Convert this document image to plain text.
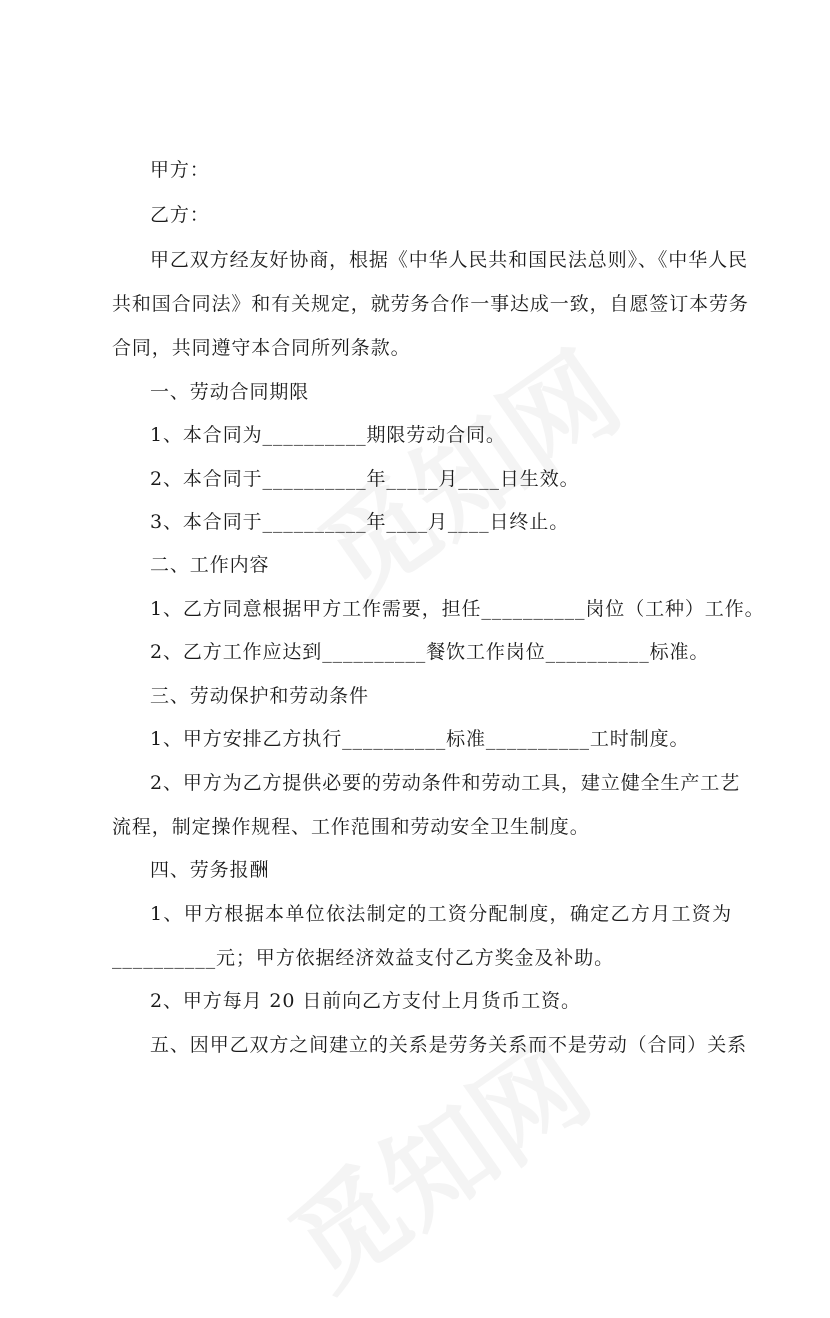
甲方：
乙方：
甲乙双方经友好协商，根据《中华人民共和国民法总则》、《中华人民
共和国合同法》和有关规定，就劳务合作一事达成一致，自愿签订本劳务
合同，共同遵守本合同所列条款。
一、劳动合同期限
1、本合同为__________期限劳动合同。
2、本合同于__________年_____月____日生效。
3、本合同于__________年____月____日终止。
二、工作内容
1、乙方同意根据甲方工作需要，担任__________岗位（工种）工作。
2、乙方工作应达到__________餐饮工作岗位__________标准。
三、劳动保护和劳动条件
1、甲方安排乙方执行__________标准__________工时制度。
2、甲方为乙方提供必要的劳动条件和劳动工具，建立健全生产工艺
流程，制定操作规程、工作范围和劳动安全卫生制度。
四、劳务报酬
1、甲方根据本单位依法制定的工资分配制度，确定乙方月工资为
__________元；甲方依据经济效益支付乙方奖金及补助。
2、甲方每月 20 日前向乙方支付上月货币工资。
五、因甲乙双方之间建立的关系是劳务关系而不是劳动（合同）关系
